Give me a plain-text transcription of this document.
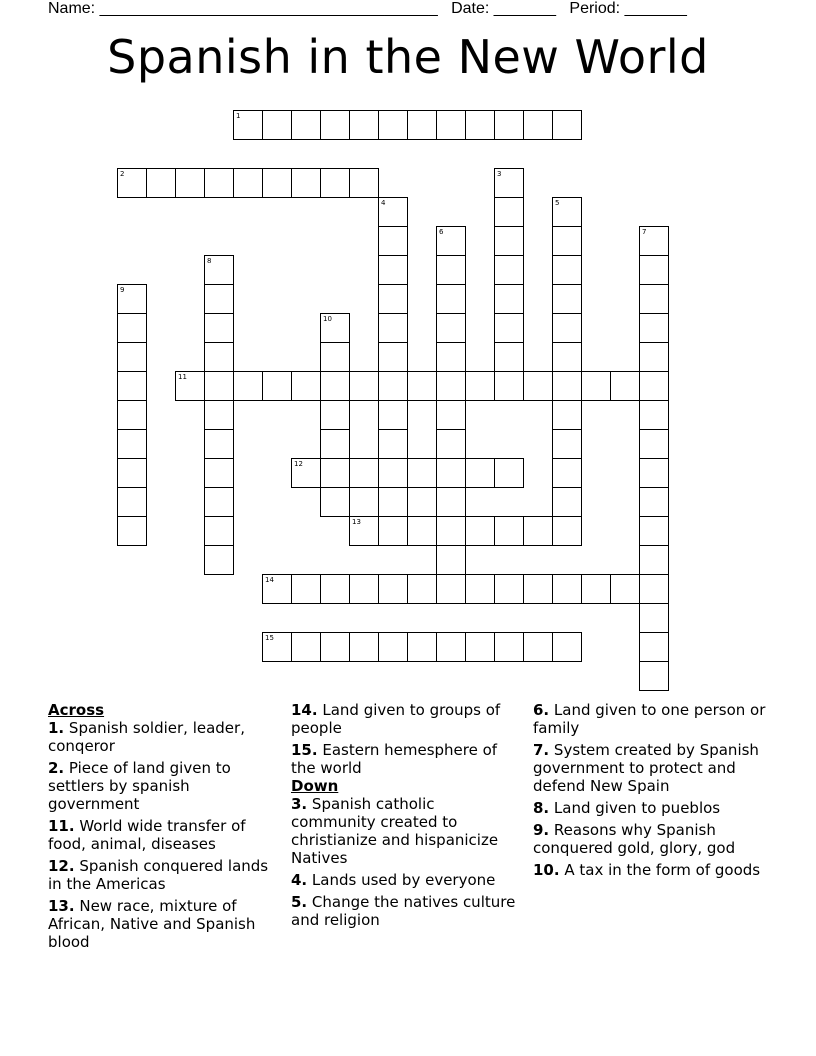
Name: ______________________________________ Date: _______ Period: _______
Spanish in the New World
1
2	3
4	5
6	7
8
9
10
11
12
13
14
15
Across
1. Spanish soldier, leader, conqeror
2. Piece of land given to settlers by spanish government
11. World wide transfer of food, animal, diseases
12. Spanish conquered lands in the Americas
13. New race, mixture of African, Native and Spanish blood
14. Land given to groups of people
15. Eastern hemesphere of the world
Down
3. Spanish catholic community created to christianize and hispanicize Natives
4. Lands used by everyone
5. Change the natives culture and religion
6. Land given to one person or family
7. System created by Spanish government to protect and defend New Spain
8. Land given to pueblos
9. Reasons why Spanish conquered gold, glory, god
10. A tax in the form of goods
